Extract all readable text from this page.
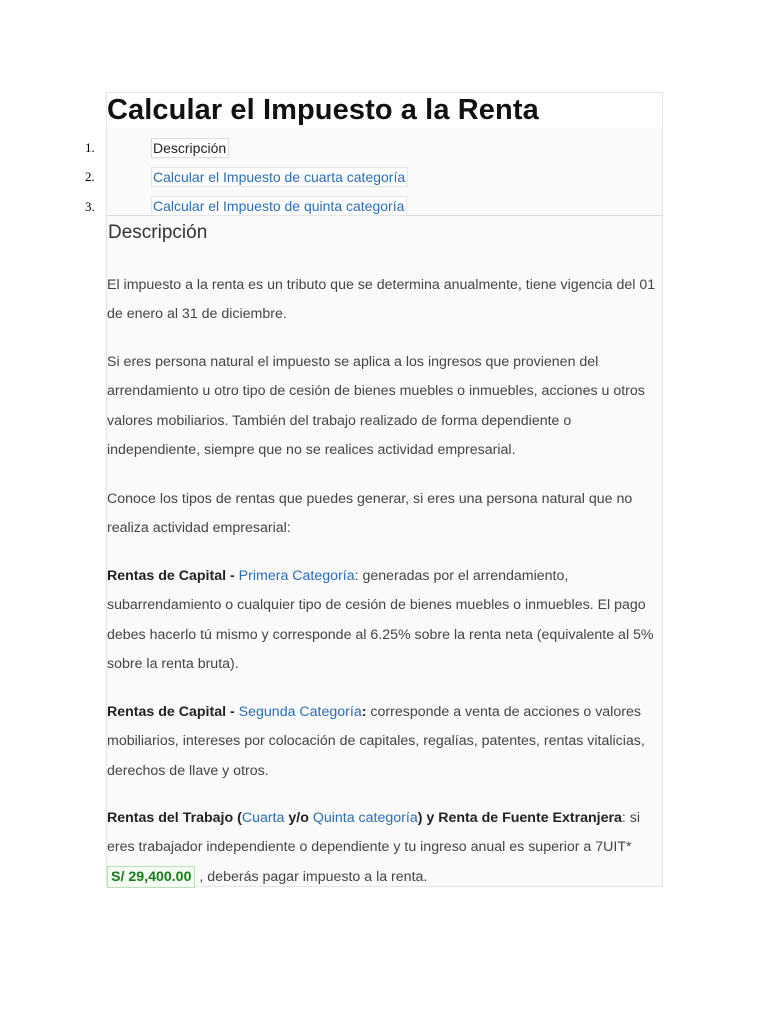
Calcular el Impuesto a la Renta
1.	Descripción
2.	Calcular el Impuesto de cuarta categoría
3.	Calcular el Impuesto de quinta categoría
Descripción

El impuesto a la renta es un tributo que se determina anualmente, tiene vigencia del 01 de enero al 31 de diciembre.

Si eres persona natural el impuesto se aplica a los ingresos que provienen del arrendamiento u otro tipo de cesión de bienes muebles o inmuebles, acciones u otros valores mobiliarios. También del trabajo realizado de forma dependiente o independiente, siempre que no se realices actividad empresarial.

Conoce los tipos de rentas que puedes generar, si eres una persona natural que no realiza actividad empresarial:

Rentas de Capital - Primera Categoría: generadas por el arrendamiento, subarrendamiento o cualquier tipo de cesión de bienes muebles o inmuebles. El pago debes hacerlo tú mismo y corresponde al 6.25% sobre la renta neta (equivalente al 5% sobre la renta bruta).

Rentas de Capital - Segunda Categoría: corresponde a venta de acciones o valores mobiliarios, intereses por colocación de capitales, regalías, patentes, rentas vitalicias, derechos de llave y otros.

Rentas del Trabajo (Cuarta y/o Quinta categoría) y Renta de Fuente Extranjera: si eres trabajador independiente o dependiente y tu ingreso anual es superior a 7UIT* S/ 29,400.00 , deberás pagar impuesto a la renta.
